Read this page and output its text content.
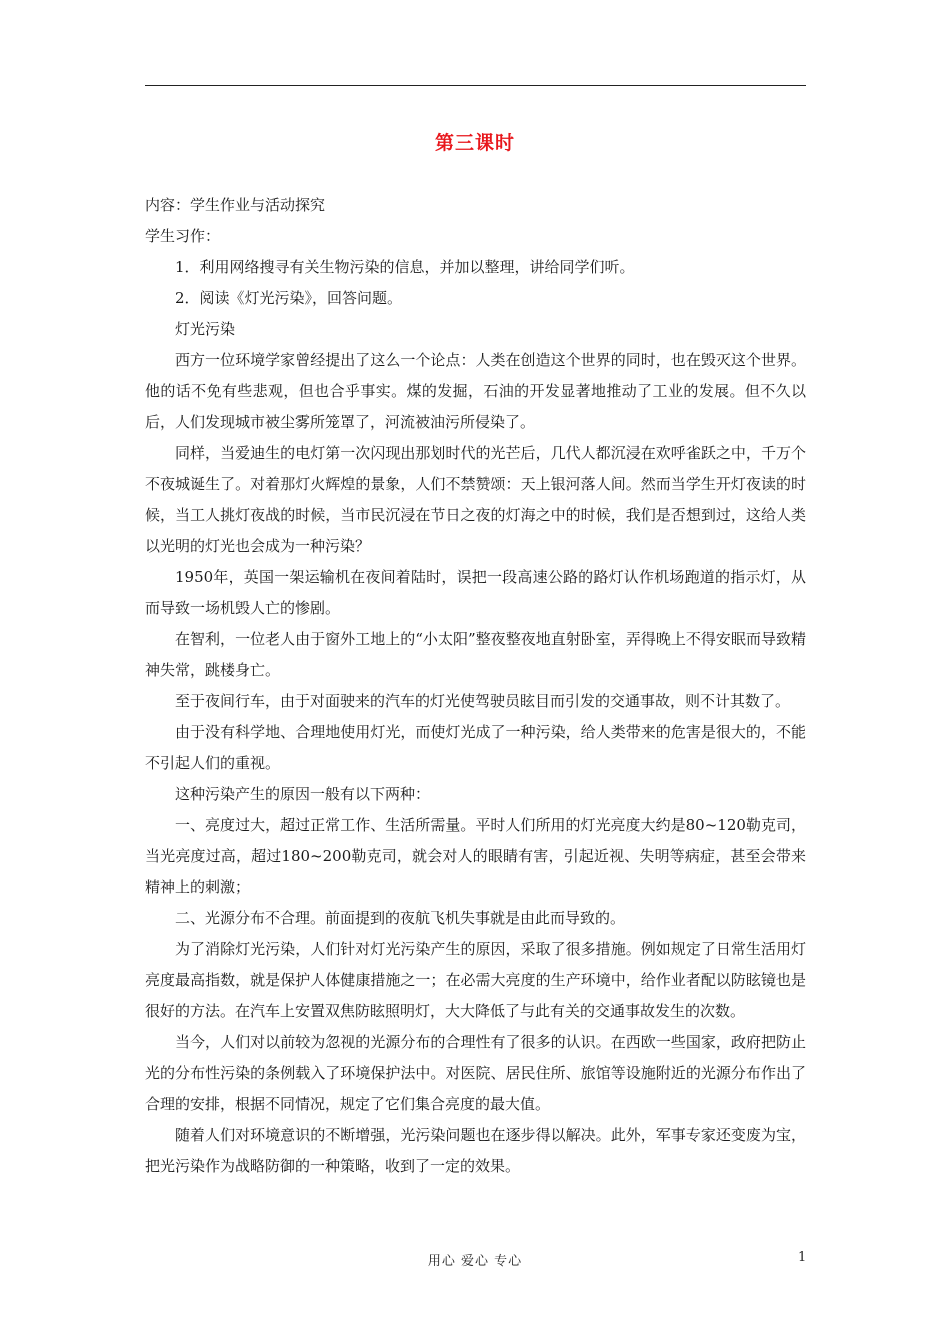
第三课时

内容：学生作业与活动探究

学生习作：

1．利用网络搜寻有关生物污染的信息，并加以整理，讲给同学们听。

2．阅读《灯光污染》，回答问题。

灯光污染

西方一位环境学家曾经提出了这么一个论点：人类在创造这个世界的同时，也在毁灭这个世界。他的话不免有些悲观，但也合乎事实。煤的发掘，石油的开发显著地推动了工业的发展。但不久以后，人们发现城市被尘雾所笼罩了，河流被油污所侵染了。

同样，当爱迪生的电灯第一次闪现出那划时代的光芒后，几代人都沉浸在欢呼雀跃之中，千万个不夜城诞生了。对着那灯火辉煌的景象，人们不禁赞颂：天上银河落人间。然而当学生开灯夜读的时候，当工人挑灯夜战的时候，当市民沉浸在节日之夜的灯海之中的时候，我们是否想到过，这给人类以光明的灯光也会成为一种污染？

1950年，英国一架运输机在夜间着陆时，误把一段高速公路的路灯认作机场跑道的指示灯，从而导致一场机毁人亡的惨剧。

在智利，一位老人由于窗外工地上的“小太阳”整夜整夜地直射卧室，弄得晚上不得安眠而导致精神失常，跳楼身亡。

至于夜间行车，由于对面驶来的汽车的灯光使驾驶员眩目而引发的交通事故，则不计其数了。

由于没有科学地、合理地使用灯光，而使灯光成了一种污染，给人类带来的危害是很大的，不能不引起人们的重视。

这种污染产生的原因一般有以下两种：

一、亮度过大，超过正常工作、生活所需量。平时人们所用的灯光亮度大约是80~120勒克司，当光亮度过高，超过180~200勒克司，就会对人的眼睛有害，引起近视、失明等病症，甚至会带来精神上的刺激；

二、光源分布不合理。前面提到的夜航飞机失事就是由此而导致的。

为了消除灯光污染，人们针对灯光污染产生的原因，采取了很多措施。例如规定了日常生活用灯亮度最高指数，就是保护人体健康措施之一；在必需大亮度的生产环境中，给作业者配以防眩镜也是很好的方法。在汽车上安置双焦防眩照明灯，大大降低了与此有关的交通事故发生的次数。

当今，人们对以前较为忽视的光源分布的合理性有了很多的认识。在西欧一些国家，政府把防止光的分布性污染的条例载入了环境保护法中。对医院、居民住所、旅馆等设施附近的光源分布作出了合理的安排，根据不同情况，规定了它们集合亮度的最大值。

随着人们对环境意识的不断增强，光污染问题也在逐步得以解决。此外，军事专家还变废为宝，把光污染作为战略防御的一种策略，收到了一定的效果。

用心 爱心 专心	1
